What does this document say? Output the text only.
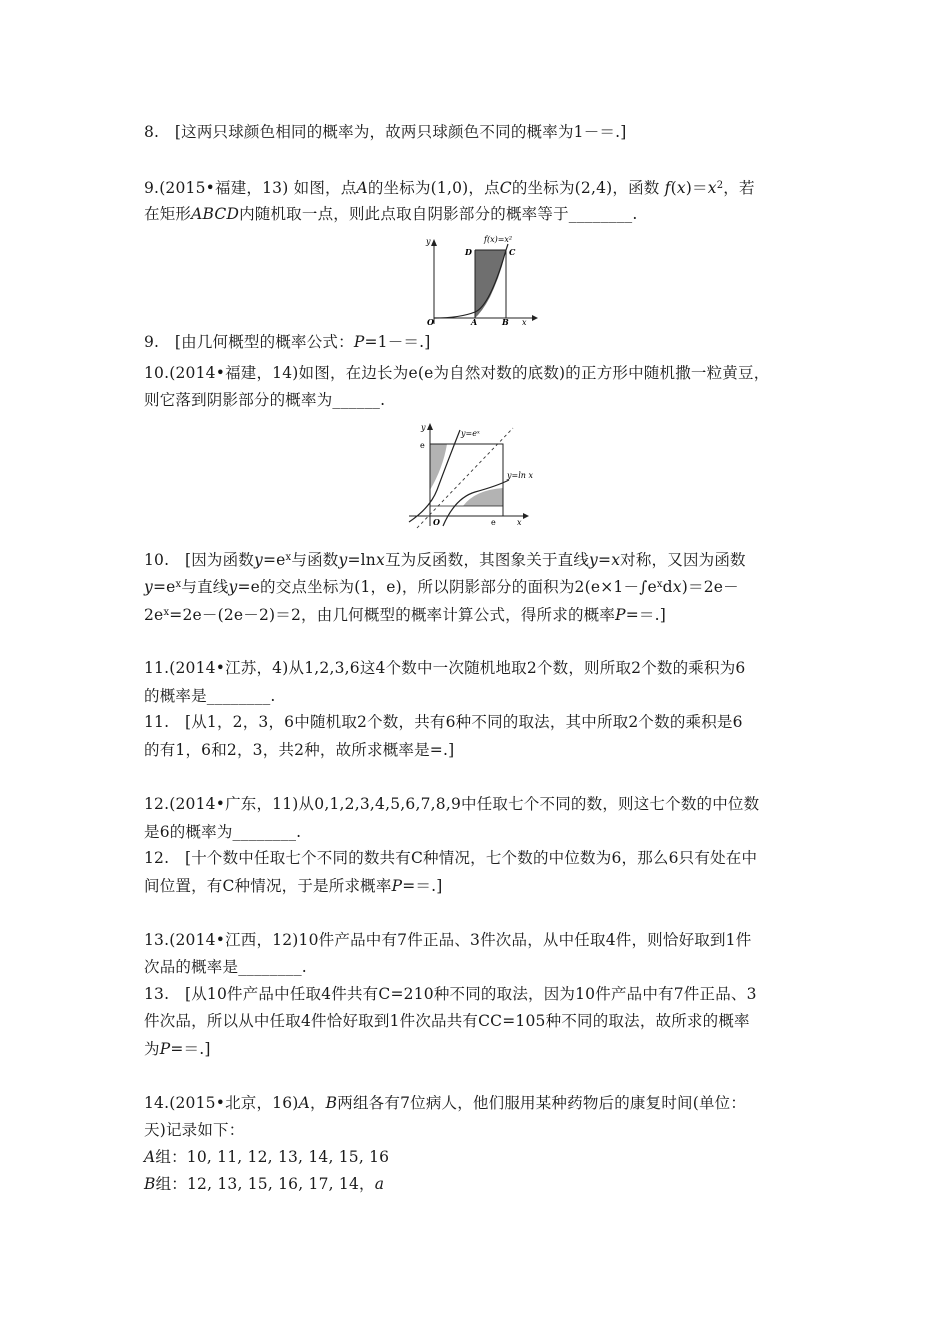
8.　[这两只球颜色相同的概率为，故两只球颜色不同的概率为1－＝.]
9.(2015•福建，13) 如图，点A的坐标为(1,0)，点C的坐标为(2,4)，函数 $f(x)=x^2$，若
在矩形ABCD内随机取一点，则此点取自阴影部分的概率等于________.
y	f(x)=x²
D	C
O	A	B x
9.　[由几何概型的概率公式：P=1－＝.]
10.(2014•福建，14)如图，在边长为e(e为自然对数的底数)的正方形中随机撒一粒黄豆，
则它落到阴影部分的概率为______.
y
y=eˣ
e
y=ln x
O	e	x
10.　[因为函数$y=e^x$与函数y=lnx互为反函数，其图象关于直线y=x对称，又因为函数
$y=e^x$与直线y=e的交点坐标为(1，e)，所以阴影部分的面积为$2(e\times 1-\int e^xdx)=2e-$
$2e^x=2e-(2e-2)=2$，由几何概型的概率计算公式，得所求的概率P=＝.]
11.(2014•江苏，4)从1,2,3,6这4个数中一次随机地取2个数，则所取2个数的乘积为6
的概率是________.
11.　[从1，2，3，6中随机取2个数，共有6种不同的取法，其中所取2个数的乘积是6
的有1，6和2，3，共2种，故所求概率是=.]
12.(2014•广东，11)从0,1,2,3,4,5,6,7,8,9中任取七个不同的数，则这七个数的中位数
是6的概率为________.
12.　[十个数中任取七个不同的数共有C种情况，七个数的中位数为6，那么6只有处在中
间位置，有C种情况，于是所求概率P=＝.]
13.(2014•江西，12)10件产品中有7件正品、3件次品，从中任取4件，则恰好取到1件
次品的概率是________.
13.　[从10件产品中任取4件共有C=210种不同的取法，因为10件产品中有7件正品、3
件次品，所以从中任取4件恰好取到1件次品共有CC=105种不同的取法，故所求的概率
为P=＝.]
14.(2015•北京，16)A，B两组各有7位病人，他们服用某种药物后的康复时间(单位：
天)记录如下：
A组：10, 11, 12, 13, 14, 15, 16
B组：12, 13, 15, 16, 17, 14，a
